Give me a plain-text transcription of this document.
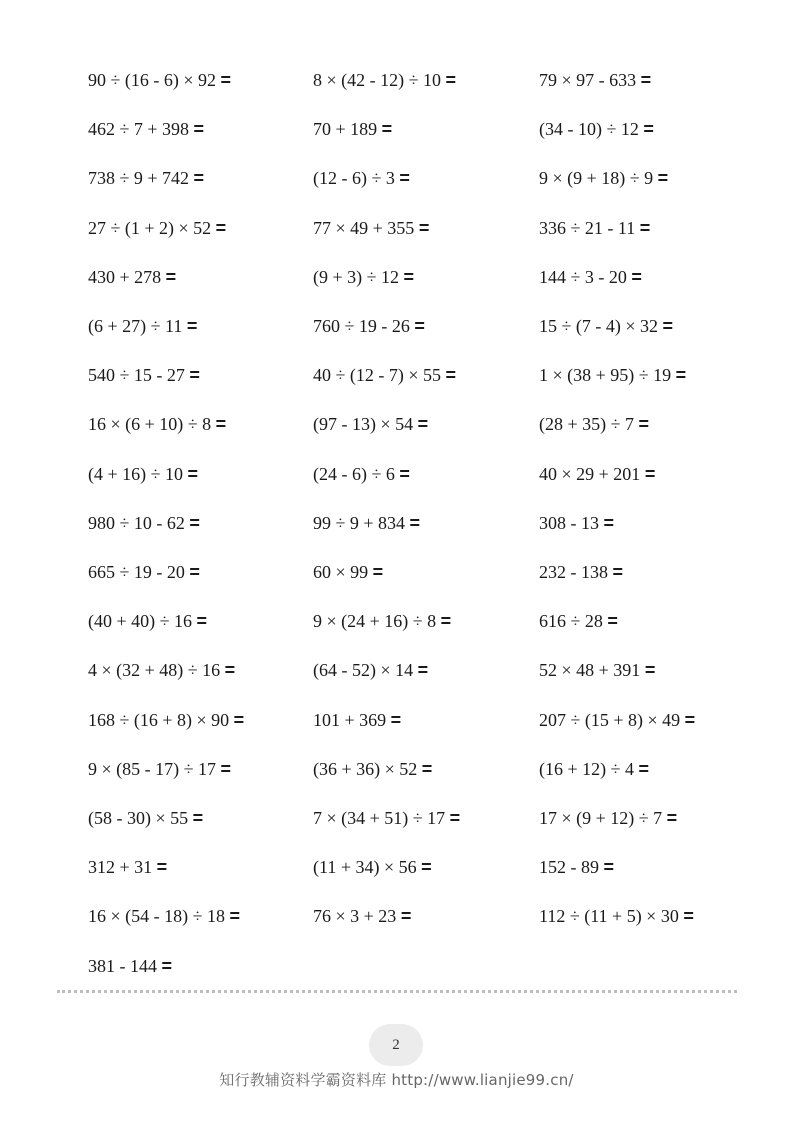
90 ÷ (16 - 6) × 92 =	8 × (42 - 12) ÷ 10 =	79 × 97 - 633 =
462 ÷ 7 + 398 =	70 + 189 =	(34 - 10) ÷ 12 =
738 ÷ 9 + 742 =	(12 - 6) ÷ 3 =	9 × (9 + 18) ÷ 9 =
27 ÷ (1 + 2) × 52 =	77 × 49 + 355 =	336 ÷ 21 - 11 =
430 + 278 =	(9 + 3) ÷ 12 =	144 ÷ 3 - 20 =
(6 + 27) ÷ 11 =	760 ÷ 19 - 26 =	15 ÷ (7 - 4) × 32 =
540 ÷ 15 - 27 =	40 ÷ (12 - 7) × 55 =	1 × (38 + 95) ÷ 19 =
16 × (6 + 10) ÷ 8 =	(97 - 13) × 54 =	(28 + 35) ÷ 7 =
(4 + 16) ÷ 10 =	(24 - 6) ÷ 6 =	40 × 29 + 201 =
980 ÷ 10 - 62 =	99 ÷ 9 + 834 =	308 - 13 =
665 ÷ 19 - 20 =	60 × 99 =	232 - 138 =
(40 + 40) ÷ 16 =	9 × (24 + 16) ÷ 8 =	616 ÷ 28 =
4 × (32 + 48) ÷ 16 =	(64 - 52) × 14 =	52 × 48 + 391 =
168 ÷ (16 + 8) × 90 =	101 + 369 =	207 ÷ (15 + 8) × 49 =
9 × (85 - 17) ÷ 17 =	(36 + 36) × 52 =	(16 + 12) ÷ 4 =
(58 - 30) × 55 =	7 × (34 + 51) ÷ 17 =	17 × (9 + 12) ÷ 7 =
312 + 31 =	(11 + 34) × 56 =	152 - 89 =
16 × (54 - 18) ÷ 18 =	76 × 3 + 23 =	112 ÷ (11 + 5) × 30 =
381 - 144 =
2
知行教辅资料学霸资料库 http://www.lianjie99.cn/
